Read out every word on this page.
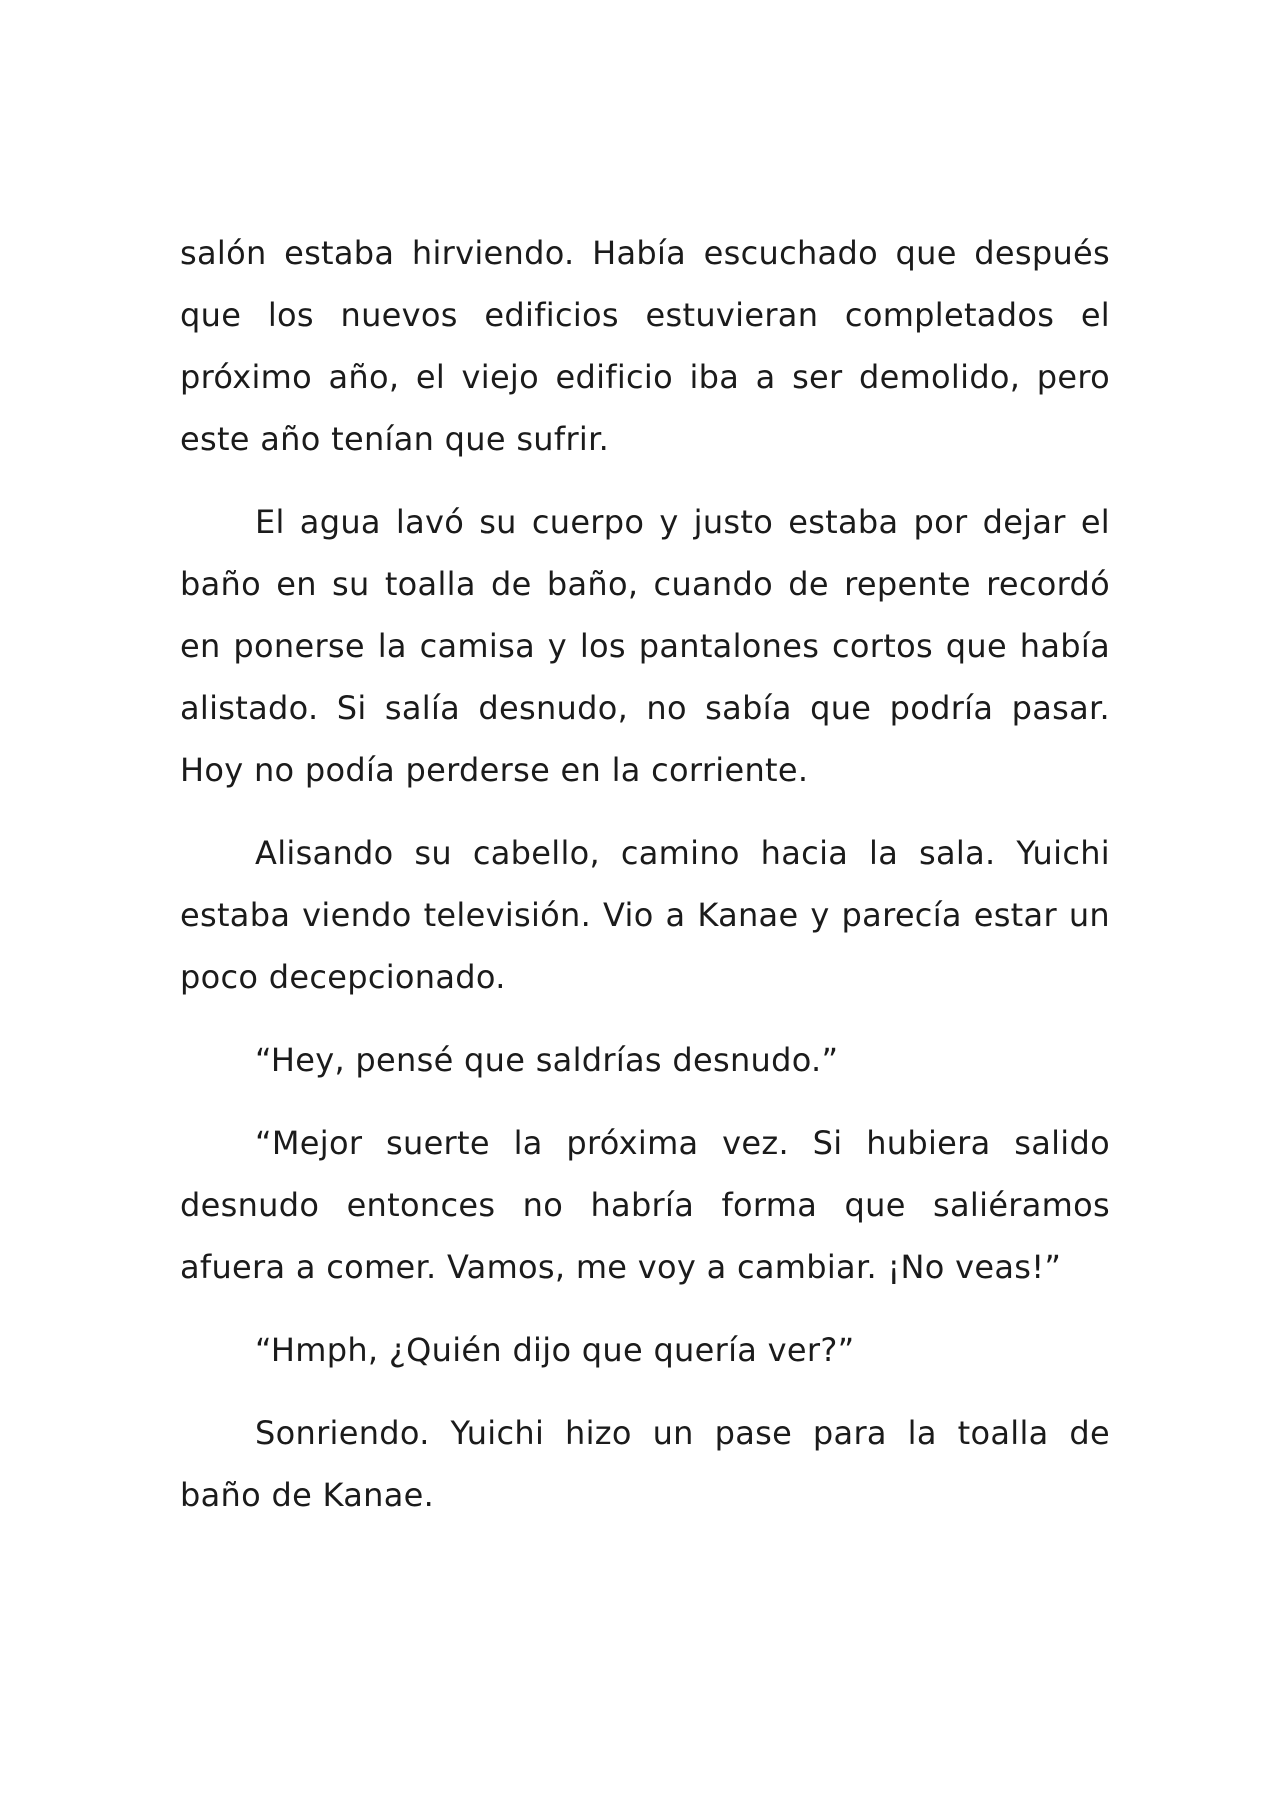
salón estaba hirviendo. Había escuchado que después que los nuevos edificios estuvieran completados el próximo año, el viejo edificio iba a ser demolido, pero este año tenían que sufrir.

El agua lavó su cuerpo y justo estaba por dejar el baño en su toalla de baño, cuando de repente recordó en ponerse la camisa y los pantalones cortos que había alistado. Si salía desnudo, no sabía que podría pasar. Hoy no podía perderse en la corriente.

Alisando su cabello, camino hacia la sala. Yuichi estaba viendo televisión. Vio a Kanae y parecía estar un poco decepcionado.

“Hey, pensé que saldrías desnudo.”

“Mejor suerte la próxima vez. Si hubiera salido desnudo entonces no habría forma que saliéramos afuera a comer. Vamos, me voy a cambiar. ¡No veas!”

“Hmph, ¿Quién dijo que quería ver?”

Sonriendo. Yuichi hizo un pase para la toalla de baño de Kanae.
